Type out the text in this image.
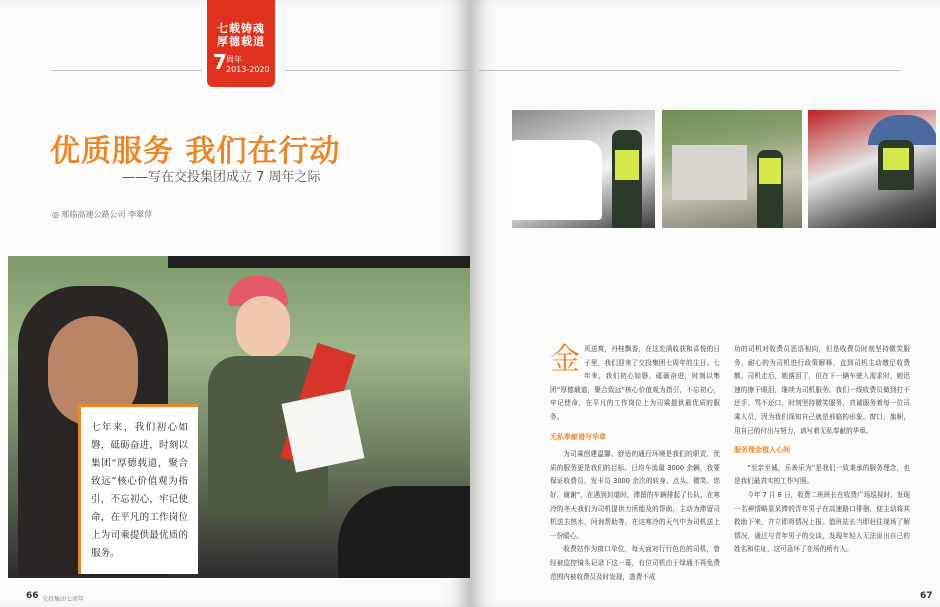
七载铸魂
厚德载道
7 周年
2013-2020
优质服务 我们在行动
——写在交投集团成立 7 周年之际
◎ 邢临高速公路公司 李翠萍
七年来，我们初心如磐，砥砺奋进，时刻以集团“厚德载道，聚合致远”核心价值观为指引，不忘初心，牢记使命，在平凡的工作岗位上为司乘提供最优质的服务。
66 交投集团七周年
金 风送爽，丹桂飘香，在这充满收获和喜悦的日子里，我们迎来了交投集团七周年的生日。七年来，我们初心如磐，砥砺奋进，时刻以集团“厚德载道，聚合致远”核心价值观为指引，不忘初心，牢记使命，在平凡的工作岗位上为司乘提供最优质的服务。

无私奉献谱写华章

为司乘创建温馨、舒适的通行环境是我们的职责，优质的服务更是我们的目标。日均车流量 3000 余辆，我要保证收费员、发卡员 3000 余次的转身、点头、微笑、您好、谢谢”，在遇到封道时，滞留的车辆排起了长队，在寒冷的冬天我们为司机提供力所能及的帮助，主动为滞留司机送去热水，问询帮助等，在这寒冷的天气中为司机送上一份暖心。

收费站作为窗口单位，每天面对行行色色的司机，曾经被监控镜头记录下这一幕，有位司机由于绿通不再免费范围内被收费员及时发现，逃费不成

功的司机对收费员恶语相向，但是收费员时刻坚持微笑服务，耐心的为司机进行政策解释，直到司机主动缴足收费额。司机走后，她落泪了，但在下一辆车驶入需求时，她迅速的擦干眼泪，继续为司机服务。我们一线收费员做到打不还手、骂不还口，时刻坚持微笑服务，真诚服务着每一位司乘人员，因为我们深知自己就是邢临的形象、窗口、旗帜，用自己的付出与努力，谱写着无私奉献的华章。

服务理念植入心间

“至亲至诚，乐善乐为”是我们一致秉承的服务理念，也是我们最真实的工作写照。

今年 7 月 8 日，收费二班班长在收费广场巡视时，发现一名神情略显呆滞的青年男子在高速路口徘徊，便主动将其救助下来，并立即将情况上报。值班站长当即赶往现场了解情况，通过与青年男子的交谈，发现年轻人无法说出自己的姓名和住址，这可急坏了在场的所有人。

67
